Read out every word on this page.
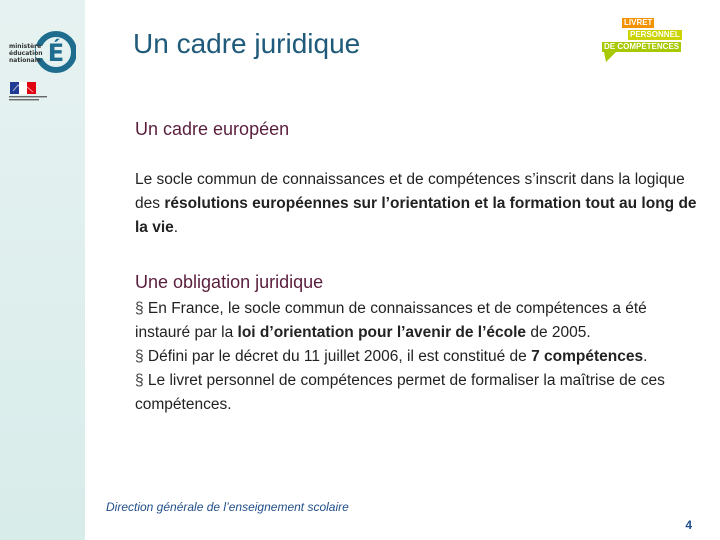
É
ministère
éducation
nationale
Un cadre juridique
LIVRET
PERSONNEL
DE COMPÉTENCES
Un cadre européen

Le socle commun de connaissances et de compétences s’inscrit dans la logique des résolutions européennes sur l’orientation et la formation tout au long de la vie.

Une obligation juridique
§ En France, le socle commun de connaissances et de compétences a été instauré par la loi d’orientation pour l’avenir de l’école de 2005.
§ Défini par le décret du 11 juillet 2006, il est constitué de 7 compétences.
§ Le livret personnel de compétences permet de formaliser la maîtrise de ces compétences.

Direction générale de l’enseignement scolaire

4
